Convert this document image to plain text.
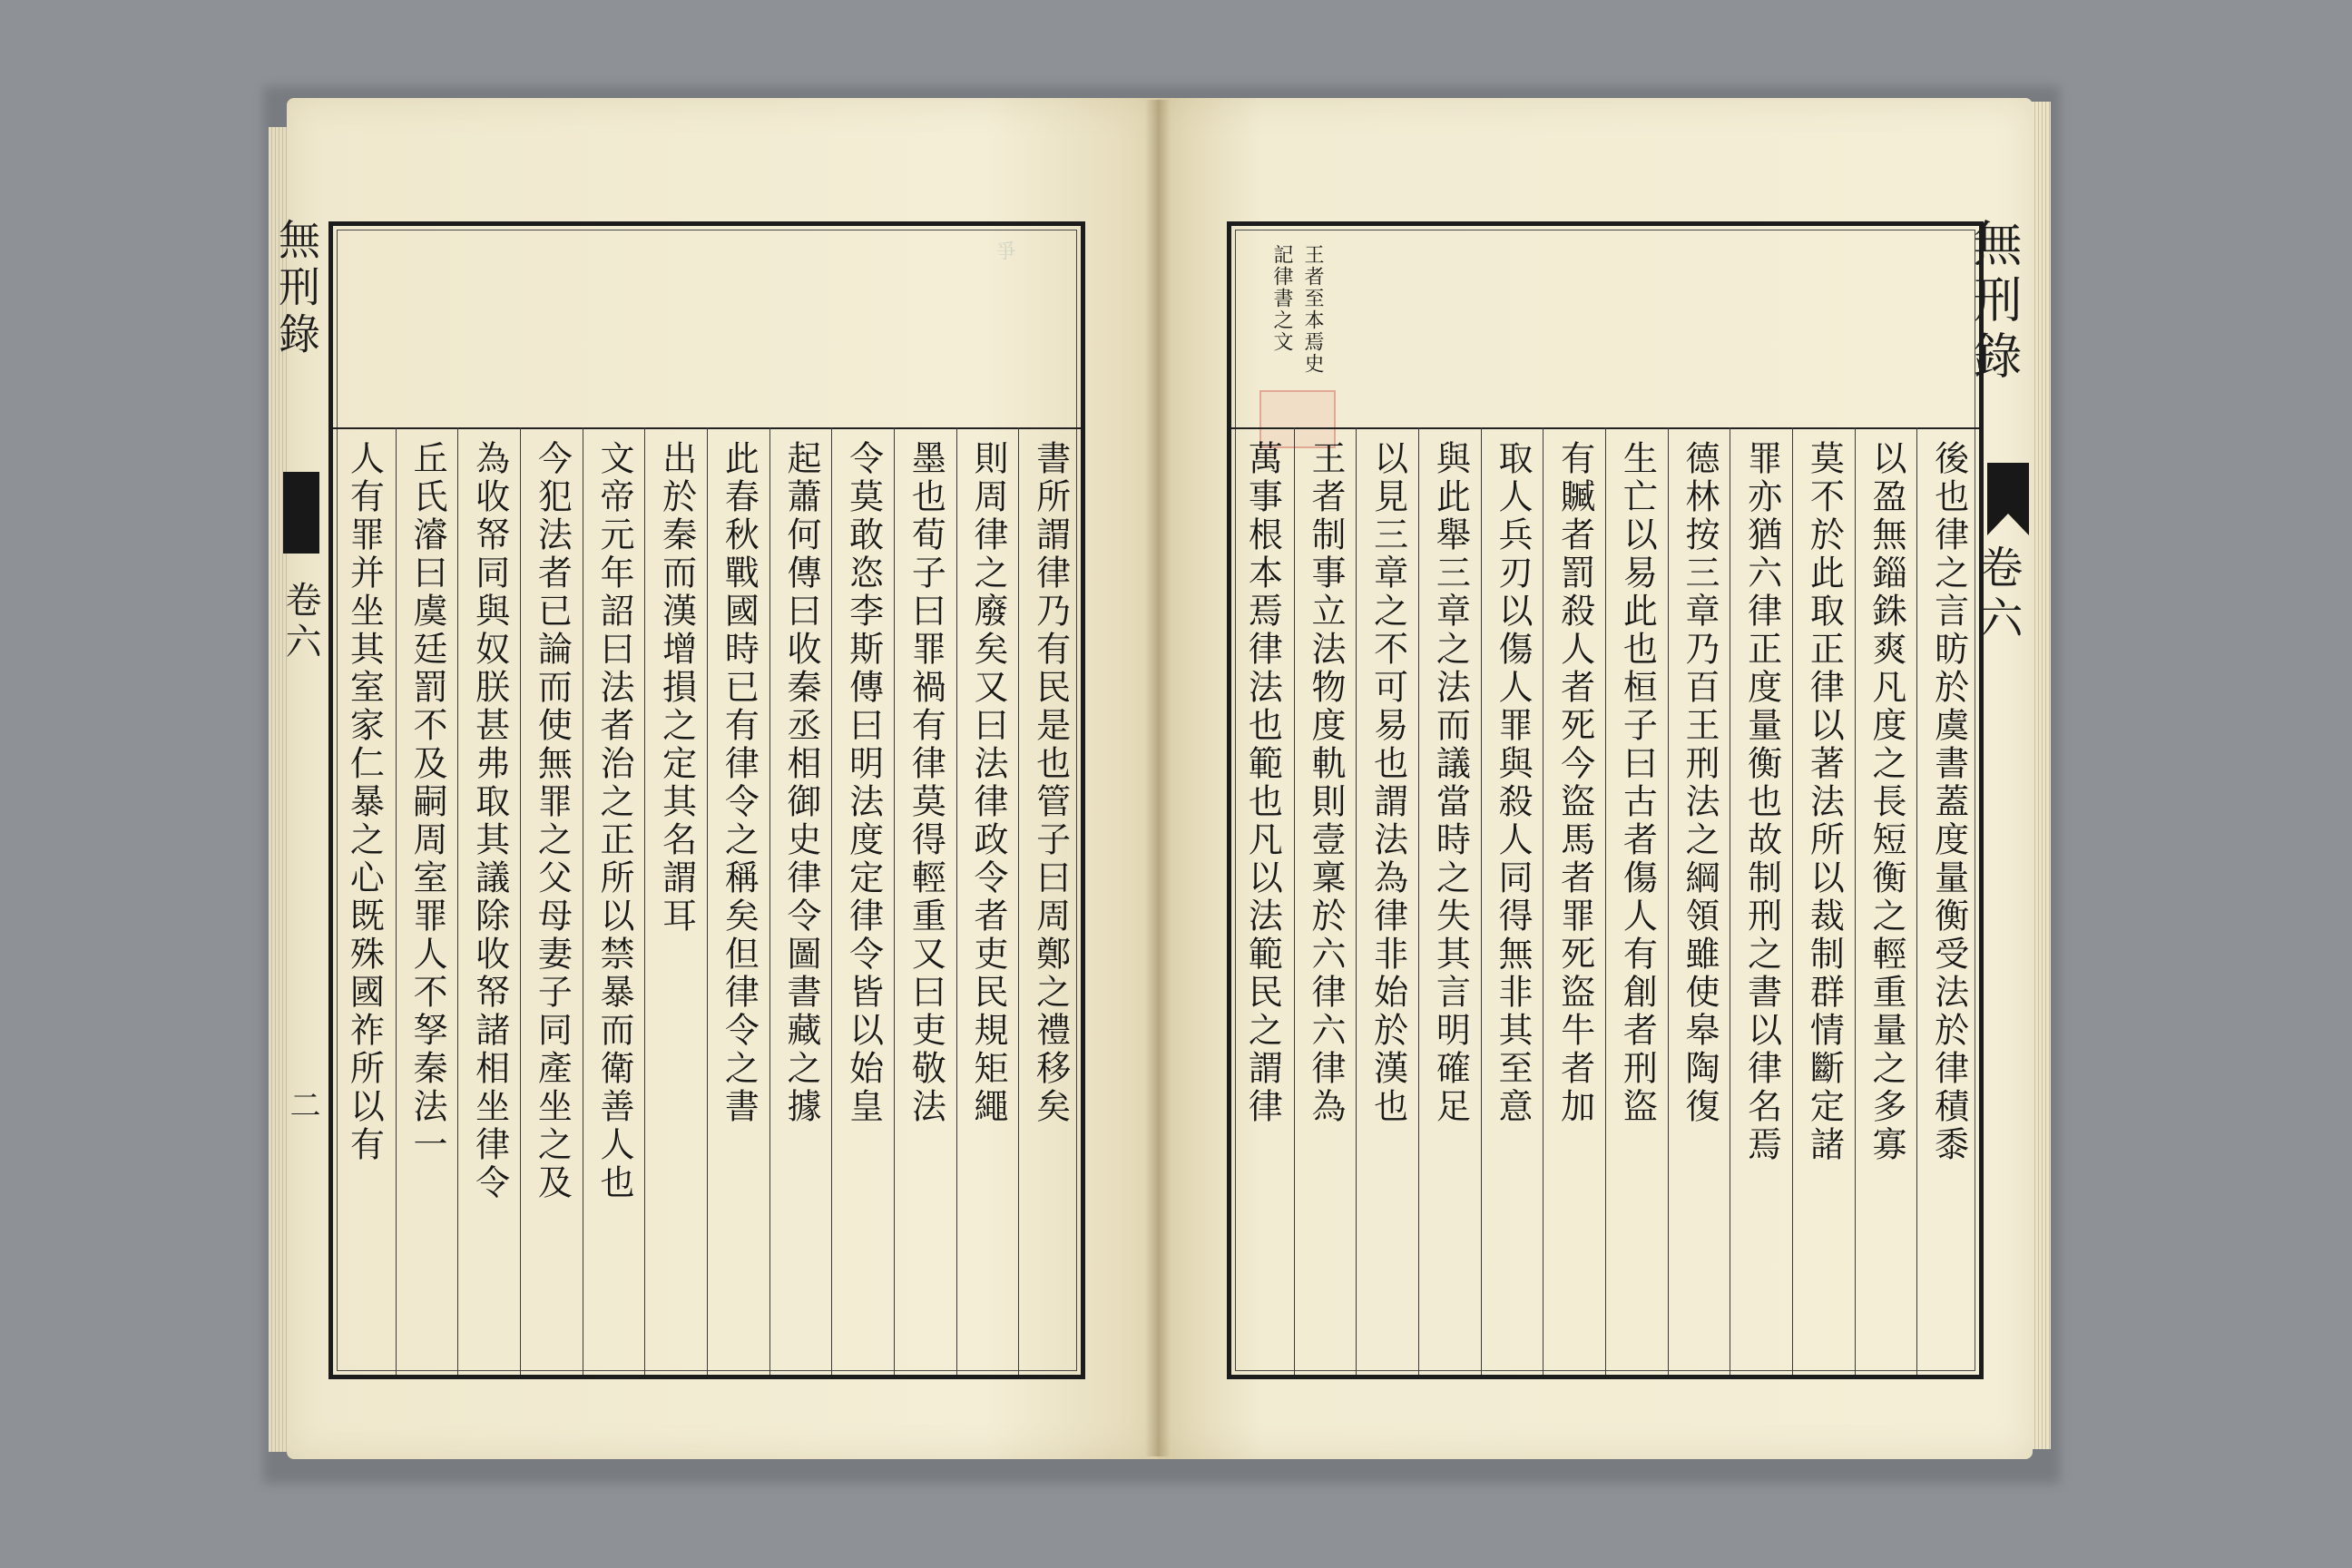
無刑錄
卷六
二
爭
書所謂律乃有民是也管子曰周鄭之禮移矣
則周律之廢矣又曰法律政令者吏民規矩繩
墨也荀子曰罪禍有律莫得輕重又曰吏敬法
令莫敢恣李斯傳曰明法度定律令皆以始皇
起蕭何傳曰收秦丞相御史律令圖書藏之據
此春秋戰國時已有律令之稱矣但律令之書
出於秦而漢增損之定其名謂耳
文帝元年詔曰法者治之正所以禁暴而衛善人也
今犯法者已論而使無罪之父母妻子同產坐之及
為收帑同與奴朕甚弗取其議除收帑諸相坐律令
丘氏濬曰虞廷罰不及嗣周室罪人不孥秦法一
人有罪并坐其室家仁暴之心既殊國祚所以有
無刑錄
卷六
王者至本焉史
記律書之文
後也律之言昉於虞書蓋度量衡受法於律積黍
以盈無錙銖爽凡度之長短衡之輕重量之多寡
莫不於此取正律以著法所以裁制群情斷定諸
罪亦猶六律正度量衡也故制刑之書以律名焉
德林按三章乃百王刑法之綱領雖使皋陶復
生亡以易此也桓子曰古者傷人有創者刑盜
有贓者罰殺人者死今盜馬者罪死盜牛者加
取人兵刃以傷人罪與殺人同得無非其至意
與此舉三章之法而議當時之失其言明確足
以見三章之不可易也謂法為律非始於漢也
王者制事立法物度軌則壹稟於六律六律為
萬事根本焉律法也範也凡以法範民之謂律
